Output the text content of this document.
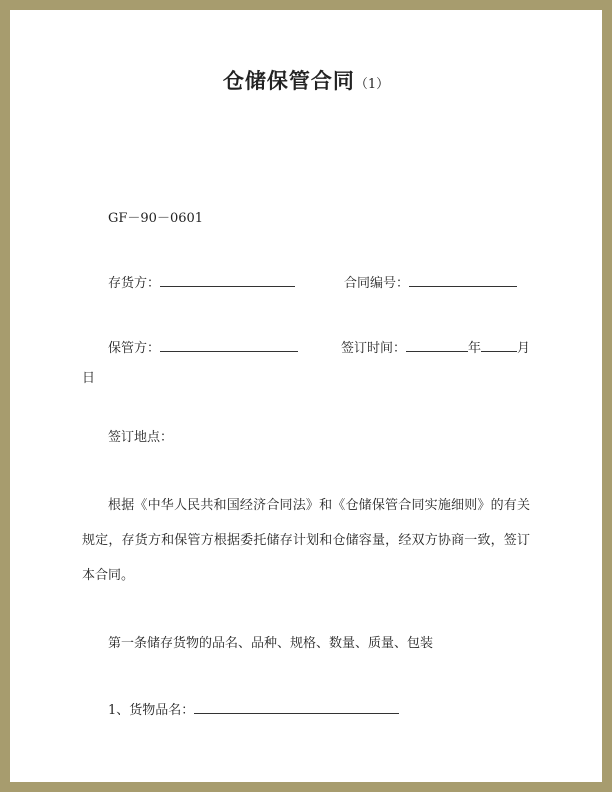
仓储保管合同（1）

GF－90－0601

存货方：	合同编号：
保管方：	签订时间：	年	月

日

签订地点：

根据《中华人民共和国经济合同法》和《仓储保管合同实施细则》的有关规定，存货方和保管方根据委托储存计划和仓储容量，经双方协商一致，签订本合同。

第一条储存货物的品名、品种、规格、数量、质量、包装

1、货物品名：
